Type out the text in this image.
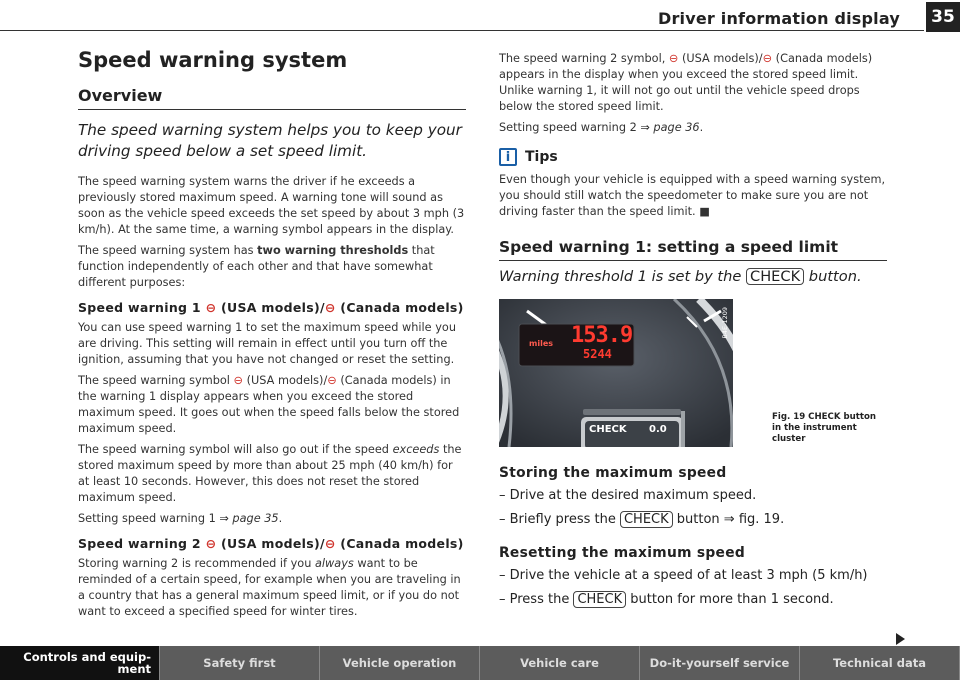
Driver information display	35
Speed warning system
Overview
The speed warning system helps you to keep your driving speed below a set speed limit.

The speed warning system warns the driver if he exceeds a previously stored maximum speed. A warning tone will sound as soon as the vehicle speed exceeds the set speed by about 3 mph (3 km/h). At the same time, a warning symbol appears in the display.

The speed warning system has two warning thresholds that function independently of each other and that have somewhat different purposes:

Speed warning 1 ⊖ (USA models)/⊖ (Canada models)

You can use speed warning 1 to set the maximum speed while you are driving. This setting will remain in effect until you turn off the ignition, assuming that you have not changed or reset the setting.

The speed warning symbol ⊖ (USA models)/⊖ (Canada models) in the warning 1 display appears when you exceed the stored maximum speed. It goes out when the speed falls below the stored maximum speed.

The speed warning symbol will also go out if the speed exceeds the stored maximum speed by more than about 25 mph (40 km/h) for at least 10 seconds. However, this does not reset the stored maximum speed.

Setting speed warning 1 ⇒ page 35.

Speed warning 2 ⊖ (USA models)/⊖ (Canada models)

Storing warning 2 is recommended if you always want to be reminded of a certain speed, for example when you are traveling in a country that has a general maximum speed limit, or if you do not want to exceed a specified speed for winter tires.

The speed warning 2 symbol, ⊖ (USA models)/⊖ (Canada models) appears in the display when you exceed the stored speed limit. Unlike warning 1, it will not go out until the vehicle speed drops below the stored speed limit.

Setting speed warning 2 ⇒ page 36.

i	Tips

Even though your vehicle is equipped with a speed warning system, you should still watch the speedometer to make sure you are not driving faster than the speed limit. ■

Speed warning 1: setting a speed limit
Warning threshold 1 is set by the CHECK button.
miles 153.9
5244
CHECK 0.0
B4E-1209
Fig. 19 CHECK button
in the instrument
cluster
Storing the maximum speed

– Drive at the desired maximum speed.

– Briefly press the CHECK button ⇒ fig. 19.

Resetting the maximum speed

– Drive the vehicle at a speed of at least 3 mph (5 km/h)

– Press the CHECK button for more than 1 second.

Controls and equip-ment	Safety first	Vehicle operation	Vehicle care	Do-it-yourself service	Technical data
